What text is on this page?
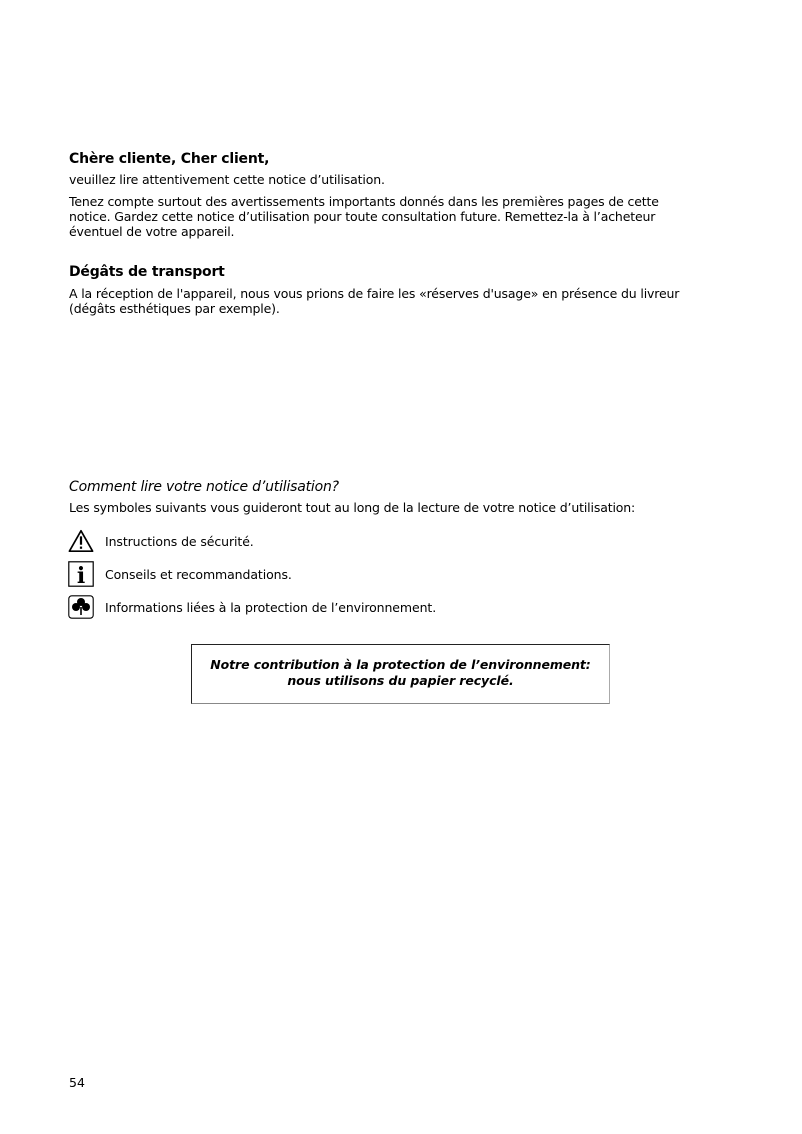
Chère cliente, Cher client,
veuillez lire attentivement cette notice d’utilisation.
Tenez compte surtout des avertissements importants donnés dans les premières pages de cette
notice. Gardez cette notice d’utilisation pour toute consultation future. Remettez-la à l’acheteur
éventuel de votre appareil.
Dégâts de transport
A la réception de l'appareil, nous vous prions de faire les «réserves d'usage» en présence du livreur
(dégâts esthétiques par exemple).
Comment lire votre notice d’utilisation?
Les symboles suivants vous guideront tout au long de la lecture de votre notice d’utilisation:
Instructions de sécurité.
i Conseils et recommandations.
Informations liées à la protection de l’environnement.
Notre contribution à la protection de l’environnement:
nous utilisons du papier recyclé.
54
